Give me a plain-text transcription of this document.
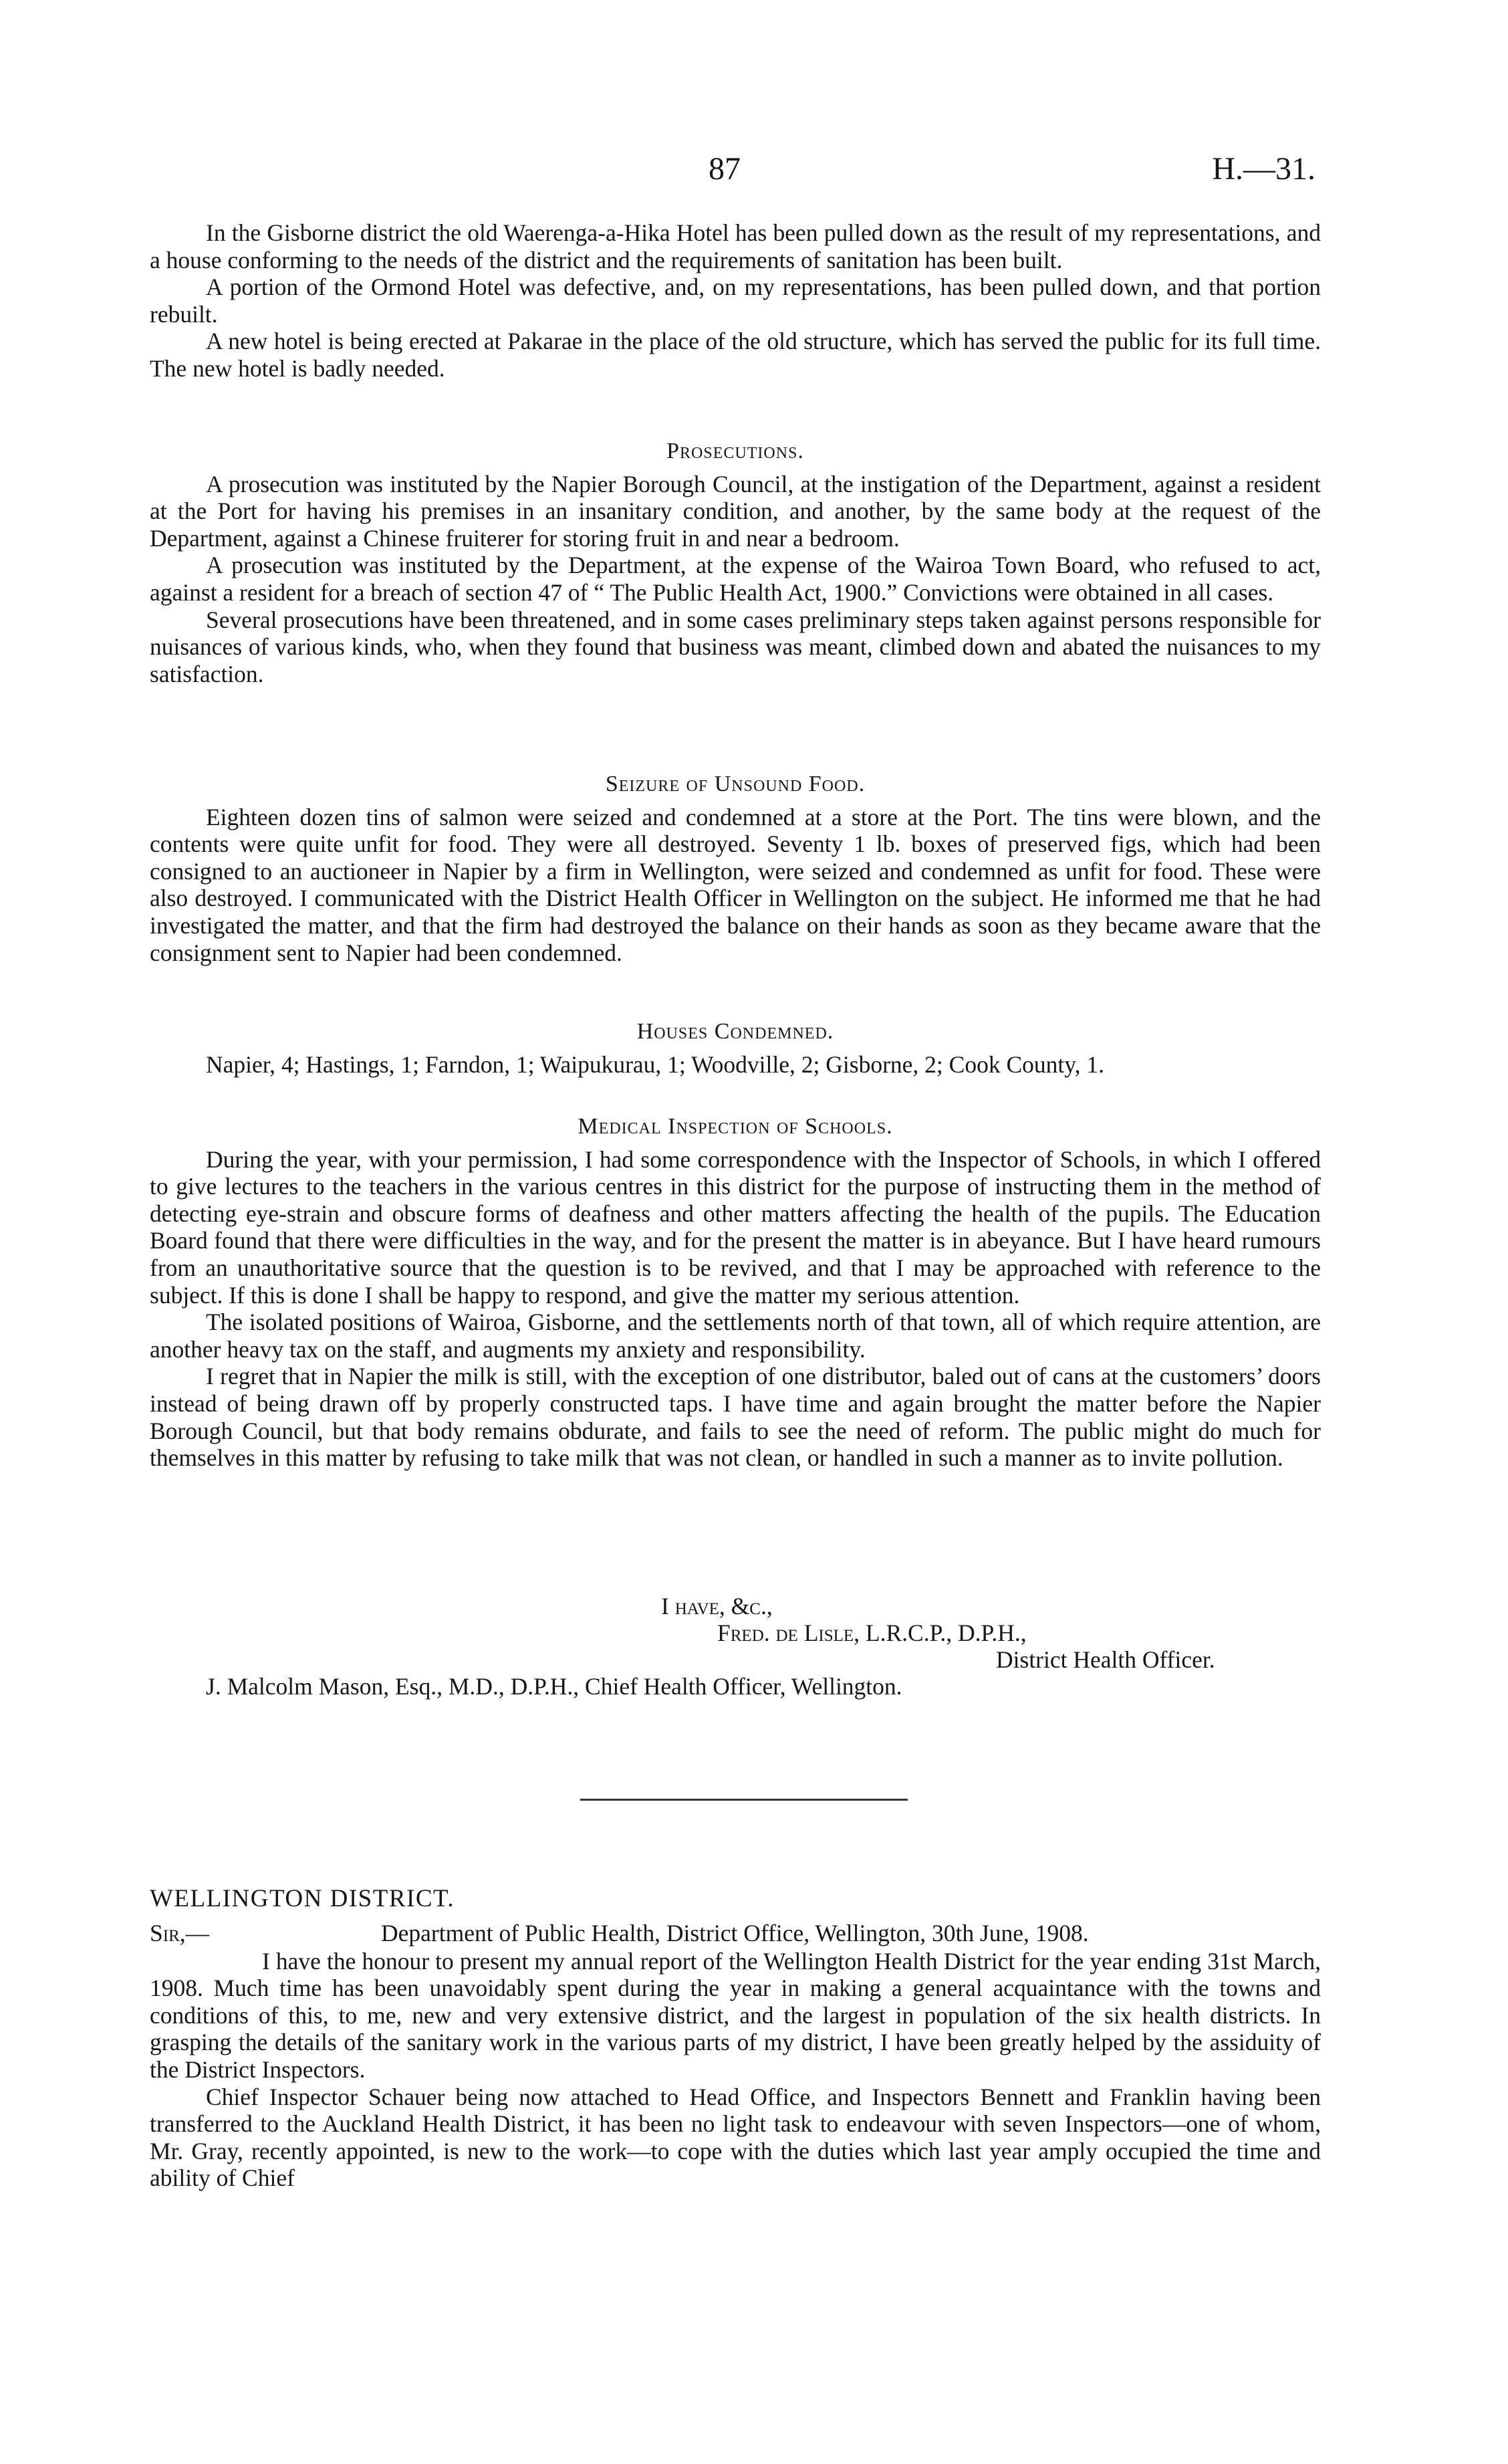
87	H.—31.

In the Gisborne district the old Waerenga-a-Hika Hotel has been pulled down as the result of my representations, and a house conforming to the needs of the district and the requirements of sanitation has been built.

A portion of the Ormond Hotel was defective, and, on my representations, has been pulled down, and that portion rebuilt.

A new hotel is being erected at Pakarae in the place of the old structure, which has served the public for its full time. The new hotel is badly needed.

Prosecutions.

A prosecution was instituted by the Napier Borough Council, at the instigation of the Department, against a resident at the Port for having his premises in an insanitary condition, and another, by the same body at the request of the Department, against a Chinese fruiterer for storing fruit in and near a bedroom.

A prosecution was instituted by the Department, at the expense of the Wairoa Town Board, who refused to act, against a resident for a breach of section 47 of “ The Public Health Act, 1900.” Convictions were obtained in all cases.

Several prosecutions have been threatened, and in some cases preliminary steps taken against persons responsible for nuisances of various kinds, who, when they found that business was meant, climbed down and abated the nuisances to my satisfaction.

Seizure of Unsound Food.

Eighteen dozen tins of salmon were seized and condemned at a store at the Port. The tins were blown, and the contents were quite unfit for food. They were all destroyed. Seventy 1 lb. boxes of preserved figs, which had been consigned to an auctioneer in Napier by a firm in Wellington, were seized and condemned as unfit for food. These were also destroyed. I communicated with the District Health Officer in Wellington on the subject. He informed me that he had investigated the matter, and that the firm had destroyed the balance on their hands as soon as they became aware that the consignment sent to Napier had been condemned.

Houses Condemned.

Napier, 4; Hastings, 1; Farndon, 1; Waipukurau, 1; Woodville, 2; Gisborne, 2; Cook County, 1.

Medical Inspection of Schools.

During the year, with your permission, I had some correspondence with the Inspector of Schools, in which I offered to give lectures to the teachers in the various centres in this district for the purpose of instructing them in the method of detecting eye-strain and obscure forms of deafness and other matters affecting the health of the pupils. The Education Board found that there were difficulties in the way, and for the present the matter is in abeyance. But I have heard rumours from an unauthoritative source that the question is to be revived, and that I may be approached with reference to the subject. If this is done I shall be happy to respond, and give the matter my serious attention.

The isolated positions of Wairoa, Gisborne, and the settlements north of that town, all of which require attention, are another heavy tax on the staff, and augments my anxiety and responsibility.

I regret that in Napier the milk is still, with the exception of one distributor, baled out of cans at the customers’ doors instead of being drawn off by properly constructed taps. I have time and again brought the matter before the Napier Borough Council, but that body remains obdurate, and fails to see the need of reform. The public might do much for themselves in this matter by refusing to take milk that was not clean, or handled in such a manner as to invite pollution.

I have, &c.,
Fred. de Lisle, L.R.C.P., D.P.H.,
District Health Officer.
J. Malcolm Mason, Esq., M.D., D.P.H., Chief Health Officer, Wellington.

WELLINGTON DISTRICT.

Sir,—	Department of Public Health, District Office, Wellington, 30th June, 1908.

I have the honour to present my annual report of the Wellington Health District for the year ending 31st March, 1908. Much time has been unavoidably spent during the year in making a general acquaintance with the towns and conditions of this, to me, new and very extensive district, and the largest in population of the six health districts. In grasping the details of the sanitary work in the various parts of my district, I have been greatly helped by the assiduity of the District Inspectors.

Chief Inspector Schauer being now attached to Head Office, and Inspectors Bennett and Franklin having been transferred to the Auckland Health District, it has been no light task to endeavour with seven Inspectors—one of whom, Mr. Gray, recently appointed, is new to the work—to cope with the duties which last year amply occupied the time and ability of Chief
